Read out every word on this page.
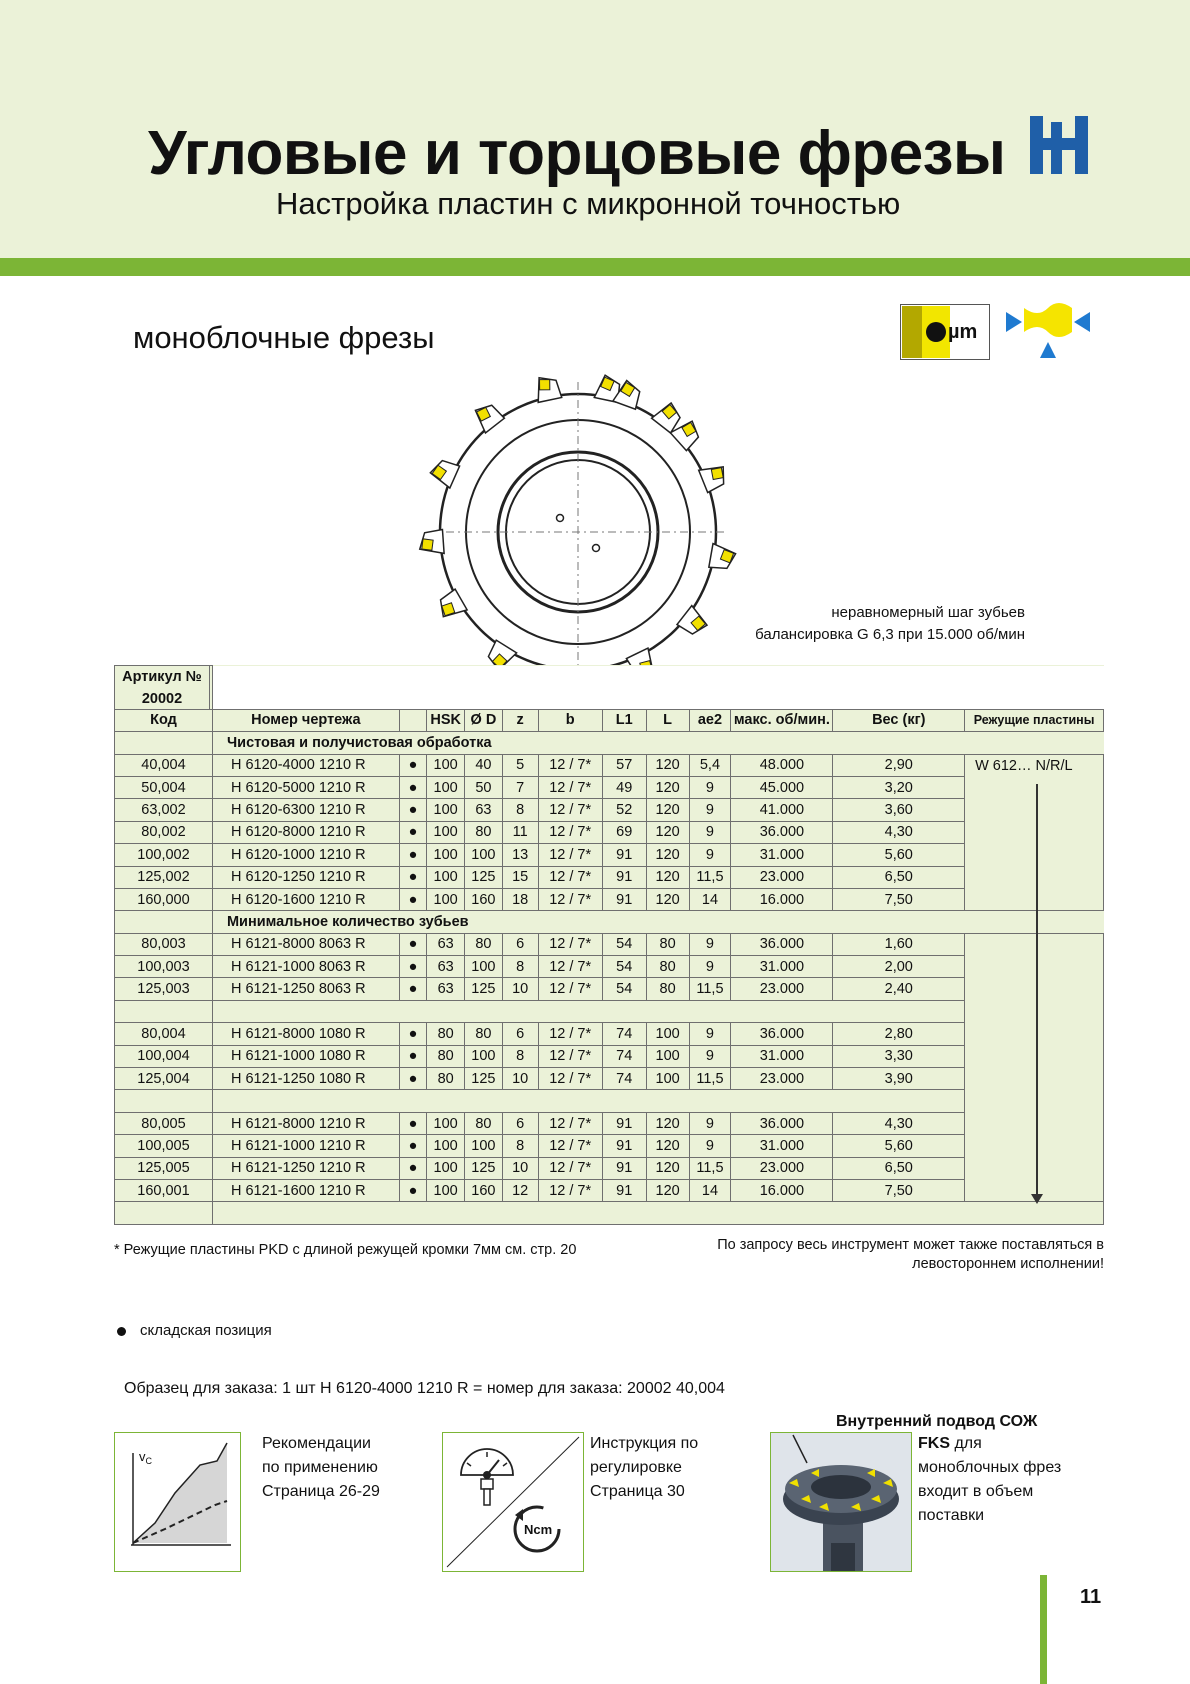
Угловые и торцовые фрезы
Настройка пластин с микронной точностью
моноблочные фрезы	µm
неравномерный шаг зубьев
балансировка G 6,3 при 15.000 об/мин

Код	Номер чертежа		HSK	Ø D	z	b	L1	L	ae2	макс. об/мин.	Вес (кг)	Режущие пластины
	Чистовая и получистовая обработка											
40,004	H 6120-4000 1210 R	●	100	40	5	12 / 7*	57	120	5,4	48.000	2,90	W 612… N/R/L
50,004	H 6120-5000 1210 R	●	100	50	7	12 / 7*	49	120	9	45.000	3,20	
63,002	H 6120-6300 1210 R	●	100	63	8	12 / 7*	52	120	9	41.000	3,60	
80,002	H 6120-8000 1210 R	●	100	80	11	12 / 7*	69	120	9	36.000	4,30	
100,002	H 6120-1000 1210 R	●	100	100	13	12 / 7*	91	120	9	31.000	5,60	
125,002	H 6120-1250 1210 R	●	100	125	15	12 / 7*	91	120	11,5	23.000	6,50	
160,000	H 6120-1600 1210 R	●	100	160	18	12 / 7*	91	120	14	16.000	7,50	
	Минимальное количество зубьев											
80,003	H 6121-8000 8063 R	●	63	80	6	12 / 7*	54	80	9	36.000	1,60	
100,003	H 6121-1000 8063 R	●	63	100	8	12 / 7*	54	80	9	31.000	2,00	
125,003	H 6121-1250 8063 R	●	63	125	10	12 / 7*	54	80	11,5	23.000	2,40	

80,004	H 6121-8000 1080 R	●	80	80	6	12 / 7*	74	100	9	36.000	2,80	
100,004	H 6121-1000 1080 R	●	80	100	8	12 / 7*	74	100	9	31.000	3,30	
125,004	H 6121-1250 1080 R	●	80	125	10	12 / 7*	74	100	11,5	23.000	3,90	

80,005	H 6121-8000 1210 R	●	100	80	6	12 / 7*	91	120	9	36.000	4,30	
100,005	H 6121-1000 1210 R	●	100	100	8	12 / 7*	91	120	9	31.000	5,60	
125,005	H 6121-1250 1210 R	●	100	125	10	12 / 7*	91	120	11,5	23.000	6,50	
160,001	H 6121-1600 1210 R	●	100	160	12	12 / 7*	91	120	14	16.000	7,50	

Артикул №
20002
* Режущие пластины PKD с длиной режущей кромки 7мм см. стр. 20	По запросу весь инструмент может также поставляться в
левостороннем исполнении!
складская позиция
Образец для заказа: 1 шт H 6120-4000 1210 R = номер для заказа: 20002 40,004
$v_C$
Рекомендации
по применению
Страница 26-29
Ncm
Инструкция по
регулировке
Страница 30
Внутренний подвод СОЖ
FKS для
моноблочных фрез
входит в объем
поставки
11
